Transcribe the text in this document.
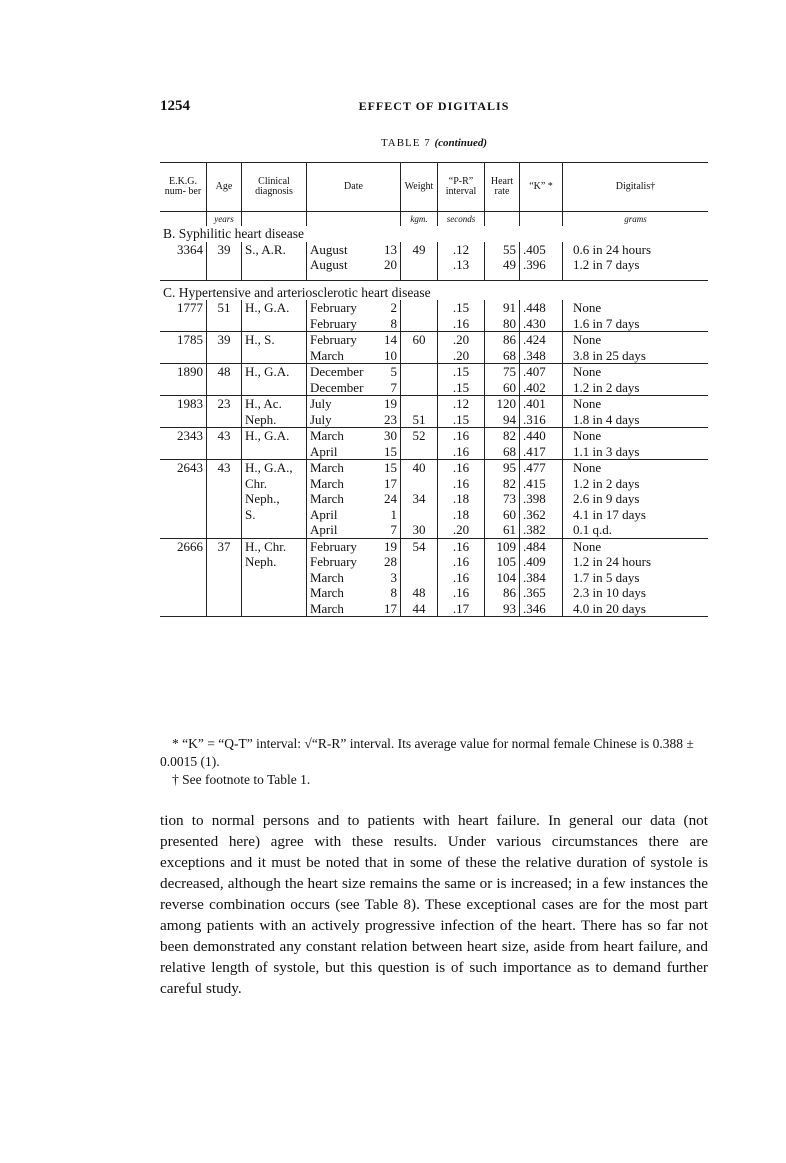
1254	EFFECT OF DIGITALIS
TABLE 7 (continued)
E.K.G. num- ber	Age	Clinical diagnosis	Date		Weight	“P-R” interval	Heart rate	“K” *	Digitalis†
	years				kgm.	seconds			grams
B. Syphilitic heart disease									
3364	39	S., A.R.	August	13	49	.12	55	.405	0.6 in 24 hours
			August	20		.13	49	.396	1.2 in 7 days
C. Hypertensive and arteriosclerotic heart disease									
1777	51	H., G.A.	February	2		.15	91	.448	None
			February	8		.16	80	.430	1.6 in 7 days
1785	39	H., S.	February	14	60	.20	86	.424	None
			March	10		.20	68	.348	3.8 in 25 days
1890	48	H., G.A.	December	5		.15	75	.407	None
			December	7		.15	60	.402	1.2 in 2 days
1983	23	H., Ac.	July	19		.12	120	.401	None
		Neph.	July	23	51	.15	94	.316	1.8 in 4 days
2343	43	H., G.A.	March	30	52	.16	82	.440	None
			April	15		.16	68	.417	1.1 in 3 days
2643	43	H., G.A.,	March	15	40	.16	95	.477	None
		Chr.	March	17		.16	82	.415	1.2 in 2 days
		Neph.,	March	24	34	.18	73	.398	2.6 in 9 days
		S.	April	1		.18	60	.362	4.1 in 17 days
			April	7	30	.20	61	.382	0.1 q.d.
2666	37	H., Chr.	February	19	54	.16	109	.484	None
		Neph.	February	28		.16	105	.409	1.2 in 24 hours
			March	3		.16	104	.384	1.7 in 5 days
			March	8	48	.16	86	.365	2.3 in 10 days
			March	17	44	.17	93	.346	4.0 in 20 days

* “K” = “Q-T” interval: √“R-R” interval. Its average value for normal female Chinese is 0.388 ± 0.0015 (1).

† See footnote to Table 1.

tion to normal persons and to patients with heart failure. In general our data (not presented here) agree with these results. Under various circumstances there are exceptions and it must be noted that in some of these the relative duration of systole is decreased, although the heart size remains the same or is increased; in a few instances the reverse combination occurs (see Table 8). These exceptional cases are for the most part among patients with an actively progressive infection of the heart. There has so far not been demonstrated any constant relation between heart size, aside from heart failure, and relative length of systole, but this question is of such importance as to demand further careful study.
